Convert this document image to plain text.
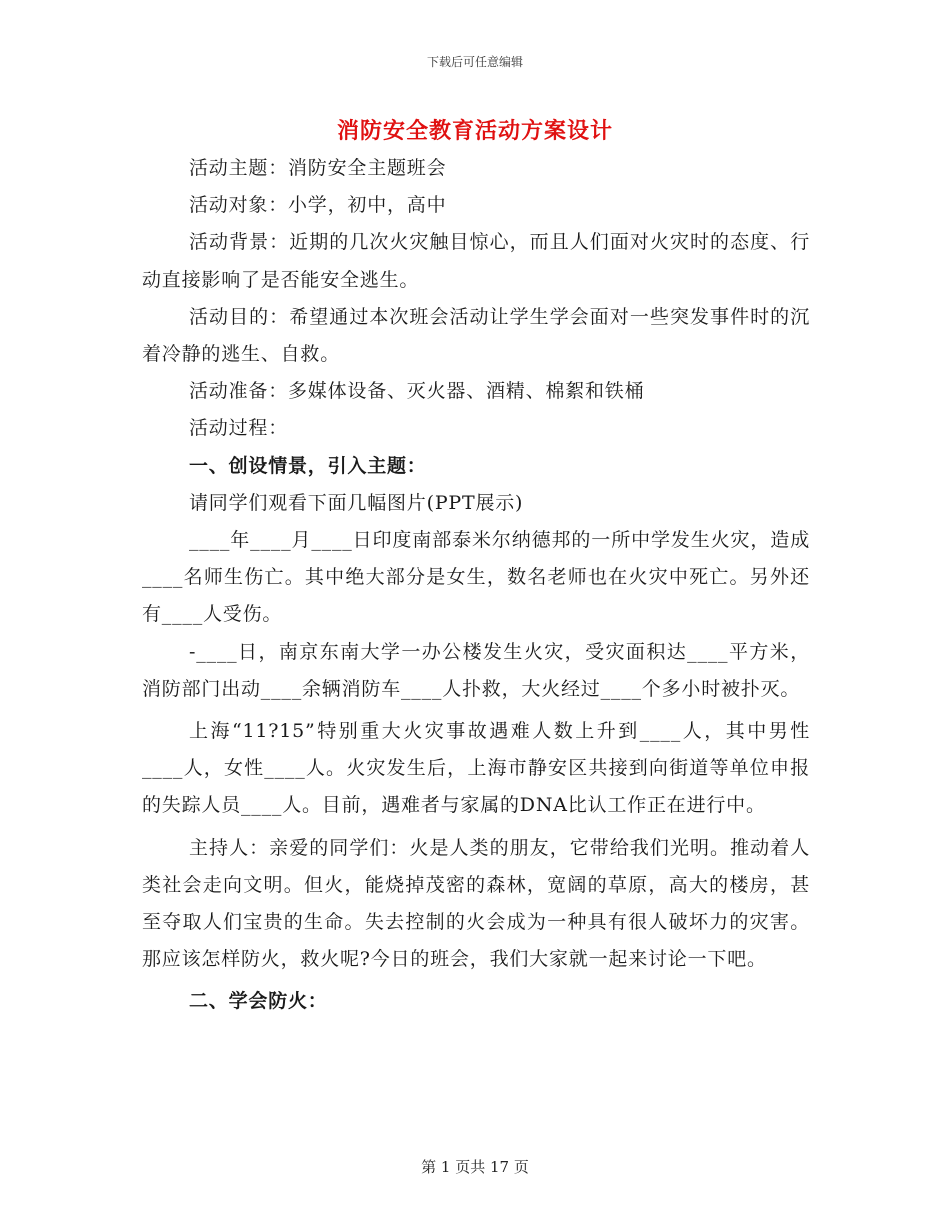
下载后可任意编辑
消防安全教育活动方案设计

活动主题：消防安全主题班会

活动对象：小学，初中，高中

活动背景：近期的几次火灾触目惊心，而且人们面对火灾时的态度、行动直接影响了是否能安全逃生。

活动目的：希望通过本次班会活动让学生学会面对一些突发事件时的沉着冷静的逃生、自救。

活动准备：多媒体设备、灭火器、酒精、棉絮和铁桶

活动过程：

一、创设情景，引入主题：

请同学们观看下面几幅图片(PPT展示)

____年____月____日印度南部泰米尔纳德邦的一所中学发生火灾，造成____名师生伤亡。其中绝大部分是女生，数名老师也在火灾中死亡。另外还有____人受伤。

-____日，南京东南大学一办公楼发生火灾，受灾面积达____平方米，消防部门出动____余辆消防车____人扑救，大火经过____个多小时被扑灭。

上海“11?15”特别重大火灾事故遇难人数上升到____人，其中男性____人，女性____人。火灾发生后，上海市静安区共接到向街道等单位申报的失踪人员____人。目前，遇难者与家属的DNA比认工作正在进行中。

主持人：亲爱的同学们：火是人类的朋友，它带给我们光明。推动着人类社会走向文明。但火，能烧掉茂密的森林，宽阔的草原，高大的楼房，甚至夺取人们宝贵的生命。失去控制的火会成为一种具有很人破坏力的灾害。那应该怎样防火，救火呢?今日的班会，我们大家就一起来讨论一下吧。

二、学会防火：

第 1 页共 17 页
